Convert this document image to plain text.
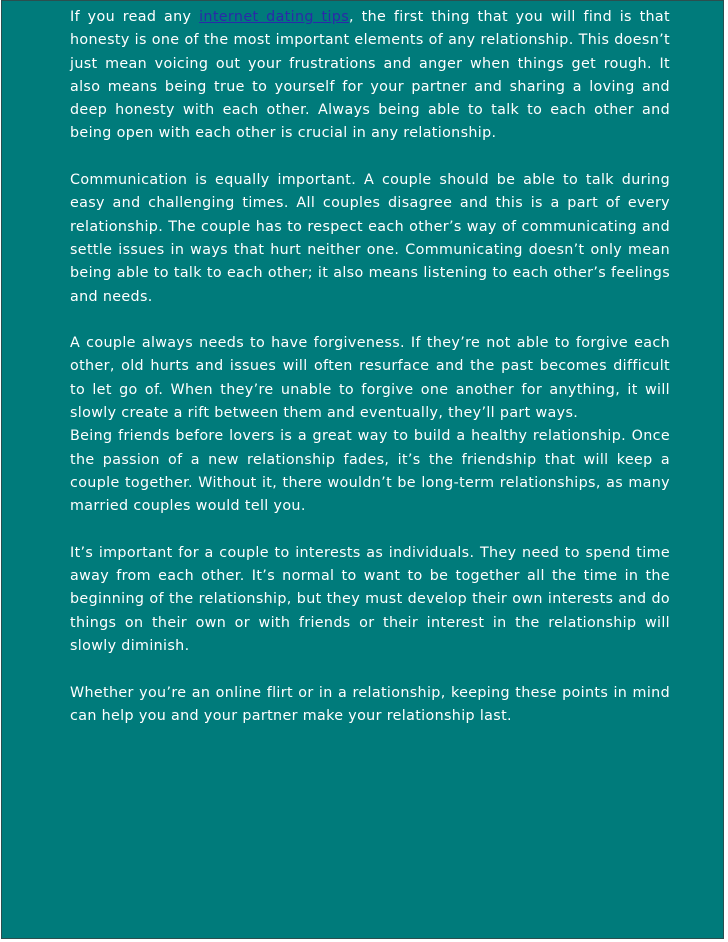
If you read any internet dating tips, the first thing that you will find is that honesty is one of the most important elements of any relationship. This doesn’t just mean voicing out your frustrations and anger when things get rough. It also means being true to yourself for your partner and sharing a loving and deep honesty with each other. Always being able to talk to each other and being open with each other is crucial in any relationship.

Communication is equally important. A couple should be able to talk during easy and challenging times. All couples disagree and this is a part of every relationship. The couple has to respect each other’s way of communicating and settle issues in ways that hurt neither one. Communicating doesn’t only mean being able to talk to each other; it also means listening to each other’s feelings and needs.

A couple always needs to have forgiveness. If they’re not able to forgive each other, old hurts and issues will often resurface and the past becomes difficult to let go of. When they’re unable to forgive one another for anything, it will slowly create a rift between them and eventually, they’ll part ways.

Being friends before lovers is a great way to build a healthy relationship. Once the passion of a new relationship fades, it’s the friendship that will keep a couple together. Without it, there wouldn’t be long-term relationships, as many married couples would tell you.

It’s important for a couple to interests as individuals. They need to spend time away from each other. It’s normal to want to be together all the time in the beginning of the relationship, but they must develop their own interests and do things on their own or with friends or their interest in the relationship will slowly diminish.

Whether you’re an online flirt or in a relationship, keeping these points in mind can help you and your partner make your relationship last.
